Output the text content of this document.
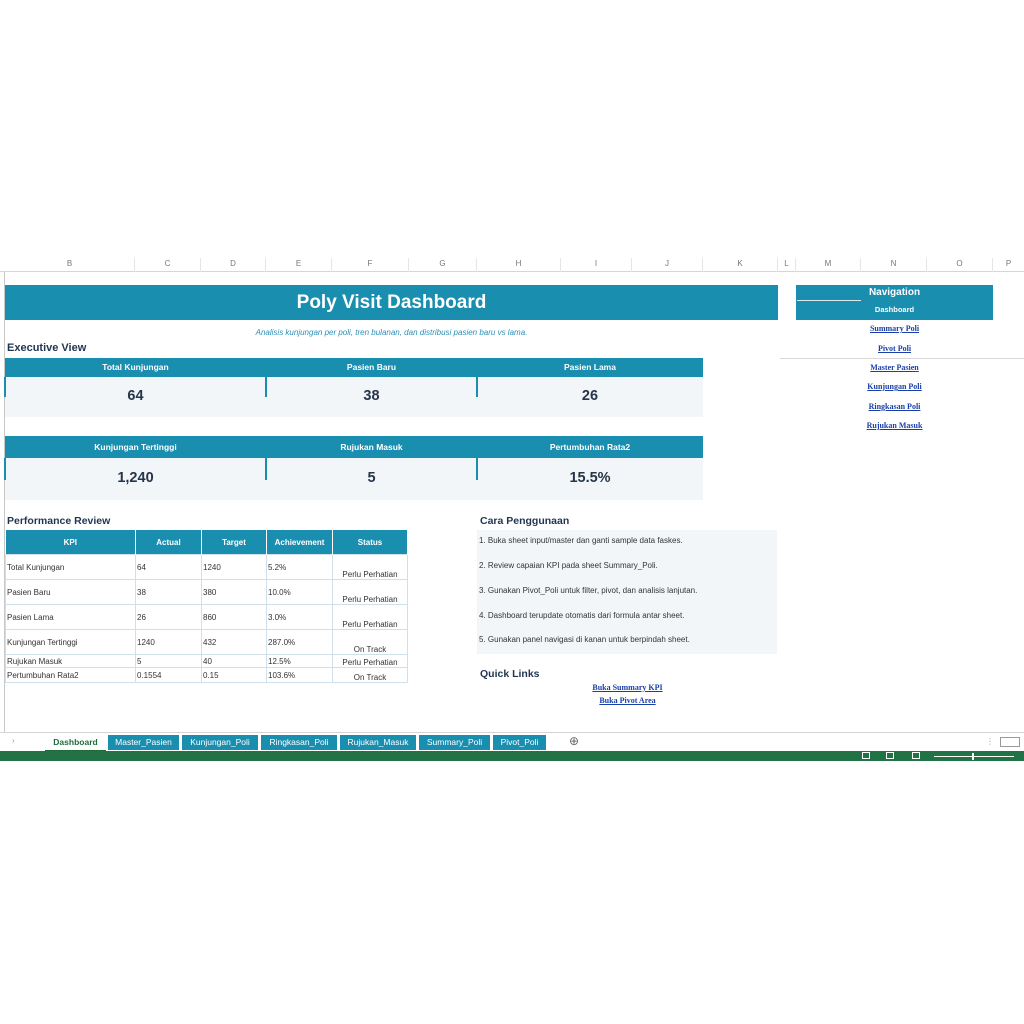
B	C	D	E	F	G	H	I	J	K	L	M	N	O	P
Poly Visit Dashboard
Analisis kunjungan per poli, tren bulanan, dan distribusi pasien baru vs lama.
Executive View
Total Kunjungan	Pasien Baru	Pasien Lama
64	38	26
Kunjungan Tertinggi	Rujukan Masuk	Pertumbuhan Rata2
1,240	5	15.5%
Performance Review
KPI	Actual	Target	Achievement	Status
Total Kunjungan	64	1240	5.2%	Perlu Perhatian
Pasien Baru	38	380	10.0%	Perlu Perhatian
Pasien Lama	26	860	3.0%	Perlu Perhatian
Kunjungan Tertinggi	1240	432	287.0%	On Track
Rujukan Masuk	5	40	12.5%	Perlu Perhatian
Pertumbuhan Rata2	0.1554	0.15	103.6%	On Track
Cara Penggunaan
1. Buka sheet input/master dan ganti sample data faskes.
2. Review capaian KPI pada sheet Summary_Poli.
3. Gunakan Pivot_Poli untuk filter, pivot, dan analisis lanjutan.
4. Dashboard terupdate otomatis dari formula antar sheet.
5. Gunakan panel navigasi di kanan untuk berpindah sheet.
Quick Links
Buka Summary KPI
Buka Pivot Area
Navigation
Dashboard
Summary Poli
Pivot Poli
Master Pasien
Kunjungan Poli
Ringkasan Poli
Rujukan Masuk
›	Dashboard	Master_Pasien	Kunjungan_Poli	Ringkasan_Poli	Rujukan_Masuk	Summary_Poli	Pivot_Poli	⊕	⋮
